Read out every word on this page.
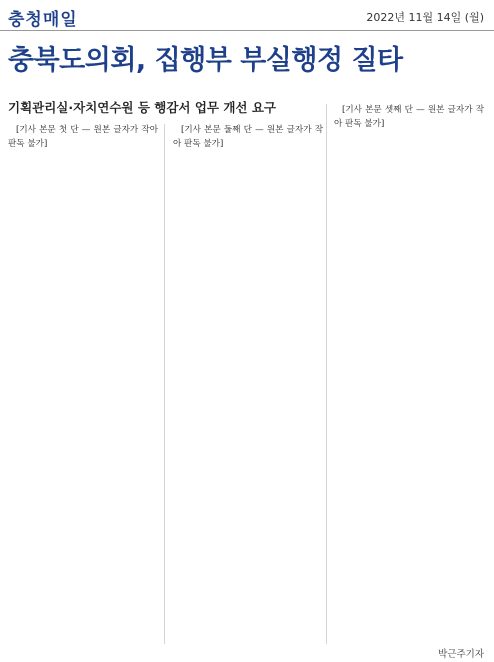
충청매일	2022년 11월 14일 (월)
충북도의회, 집행부 부실행정 질타
기획관리실·자치연수원 등 행감서 업무 개선 요구

[기사 본문 첫 단 — 원본 글자가 작아 판독 불가]

[기사 본문 둘째 단 — 원본 글자가 작아 판독 불가]

[기사 본문 셋째 단 — 원본 글자가 작아 판독 불가]

박근주기자
